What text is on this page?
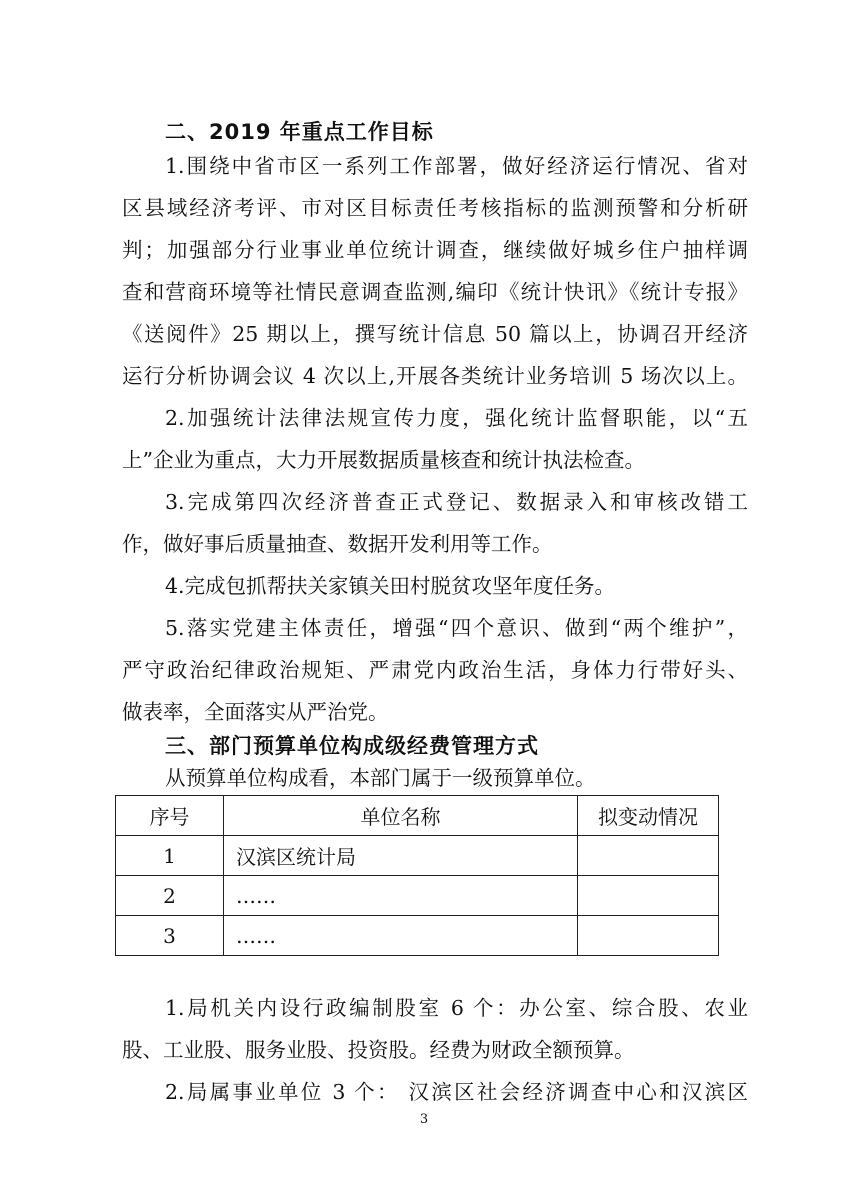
二、2019 年重点工作目标
1.围绕中省市区一系列工作部署，做好经济运行情况、省对
区县域经济考评、市对区目标责任考核指标的监测预警和分析研
判；加强部分行业事业单位统计调查，继续做好城乡住户抽样调
查和营商环境等社情民意调查监测,编印《统计快讯》《统计专报》
《送阅件》25 期以上，撰写统计信息 50 篇以上，协调召开经济
运行分析协调会议 4 次以上,开展各类统计业务培训 5 场次以上。
2.加强统计法律法规宣传力度，强化统计监督职能，以“五
上”企业为重点，大力开展数据质量核查和统计执法检查。
3.完成第四次经济普查正式登记、数据录入和审核改错工
作，做好事后质量抽查、数据开发利用等工作。
4.完成包抓帮扶关家镇关田村脱贫攻坚年度任务。
5.落实党建主体责任，增强“四个意识、做到“两个维护”，
严守政治纪律政治规矩、严肃党内政治生活，身体力行带好头、
做表率，全面落实从严治党。
三、部门预算单位构成级经费管理方式
从预算单位构成看，本部门属于一级预算单位。
序号	单位名称	拟变动情况
1	汉滨区统计局	
2	……	
3	……	
1.局机关内设行政编制股室 6 个：办公室、综合股、农业
股、工业股、服务业股、投资股。经费为财政全额预算。
2.局属事业单位 3 个： 汉滨区社会经济调查中心和汉滨区
3
